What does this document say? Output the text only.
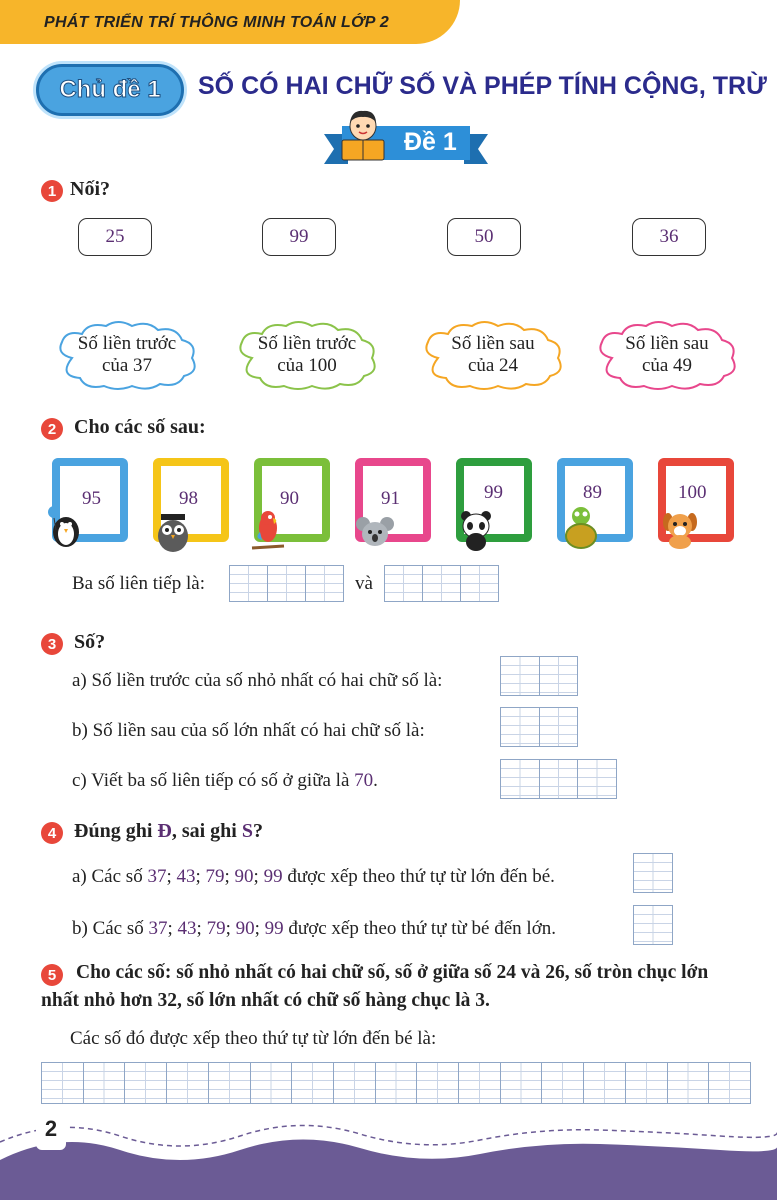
PHÁT TRIỂN TRÍ THÔNG MINH TOÁN LỚP 2
Chủ đề 1	SỐ CÓ HAI CHỮ SỐ VÀ PHÉP TÍNH CỘNG, TRỪ
Đề 1
1 Nối?
25	99	50	36
Số liền trước
của 37
Số liền trước
của 100
Số liền sau
của 24
Số liền sau
của 49
2 Cho các số sau:
95	98	90	91	99	89	100
Ba số liên tiếp là:	và
3 Số?
a) Số liền trước của số nhỏ nhất có hai chữ số là:
b) Số liền sau của số lớn nhất có hai chữ số là:
c) Viết ba số liên tiếp có số ở giữa là 70.
4 Đúng ghi Đ, sai ghi S?
a) Các số 37; 43; 79; 90; 99 được xếp theo thứ tự từ lớn đến bé.
b) Các số 37; 43; 79; 90; 99 được xếp theo thứ tự từ bé đến lớn.
5	Cho các số: số nhỏ nhất có hai chữ số, số ở giữa số 24 và 26, số tròn chục lớn
nhất nhỏ hơn 32, số lớn nhất có chữ số hàng chục là 3.
Các số đó được xếp theo thứ tự từ lớn đến bé là:
2
